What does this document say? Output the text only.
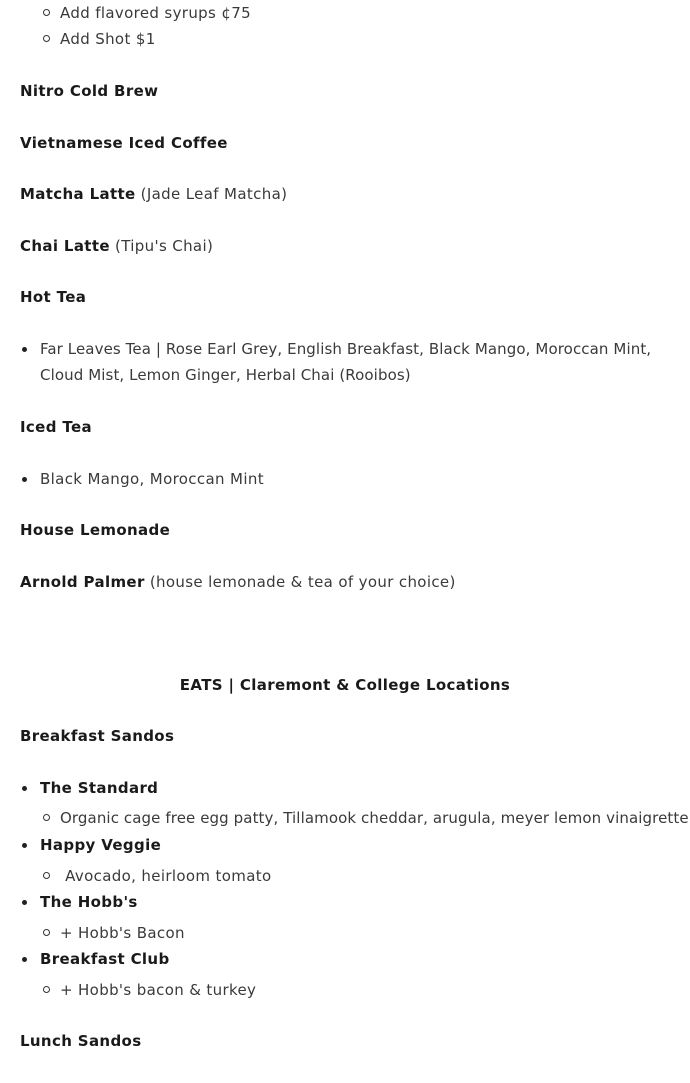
Add flavored syrups ¢75
Add Shot $1
Nitro Cold Brew
Vietnamese Iced Coffee
Matcha Latte (Jade Leaf Matcha)
Chai Latte (Tipu's Chai)
Hot Tea
Far Leaves Tea | Rose Earl Grey, English Breakfast, Black Mango, Moroccan Mint, Cloud Mist, Lemon Ginger, Herbal Chai (Rooibos)
Iced Tea
Black Mango, Moroccan Mint
House Lemonade
Arnold Palmer (house lemonade & tea of your choice)
EATS | Claremont & College Locations
Breakfast Sandos
The Standard
Organic cage free egg patty, Tillamook cheddar, arugula, meyer lemon vinaigrette
Happy Veggie
Avocado, heirloom tomato
The Hobb's
+ Hobb's Bacon
Breakfast Club
+ Hobb's bacon & turkey
Lunch Sandos
